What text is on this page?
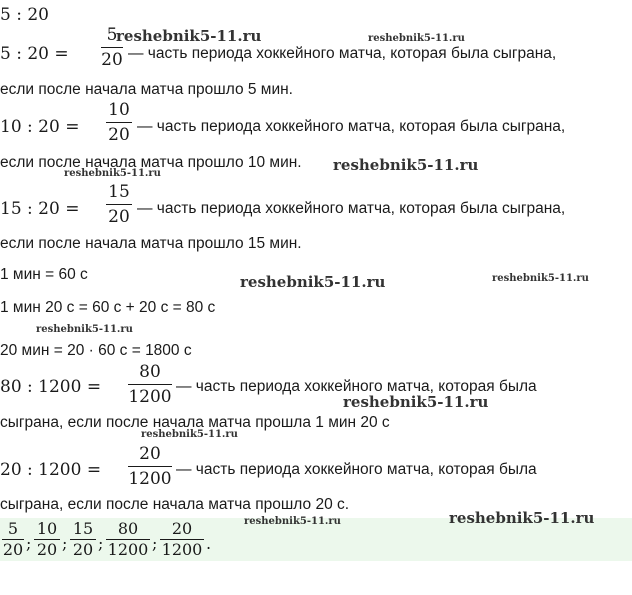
5 : 20
5 : 20 =
5
20 — часть периода хоккейного матча, которая была сыграна,
если после начала матча прошло 5 мин.
10 : 20 =
10
20 — часть периода хоккейного матча, которая была сыграна,
если после начала матча прошло 10 мин.
15 : 20 =
15
20 — часть периода хоккейного матча, которая была сыграна,
если после начала матча прошло 15 мин.
1 мин = 60 с
1 мин 20 с = 60 с + 20 с = 80 с
20 мин = 20 · 60 с = 1800 с
80 : 1200 =
80
1200
— часть периода хоккейного матча, которая была
сыграна, если после начала матча прошла 1 мин 20 с
20 : 1200 =
20
1200 — часть периода хоккейного матча, которая была
сыграна, если после начала матча прошло 20 с.
5
20 ;
10
20 ;
15
20 ;
80
1200 ;
20
1200 .
reshebnik5-11.ru	reshebnik5-11.ru
reshebnik5-11.ru
reshebnik5-11.ru
reshebnik5-11.ru	reshebnik5-11.ru
reshebnik5-11.ru
reshebnik5-11.ru
reshebnik5-11.ru
reshebnik5-11.ru
reshebnik5-11.ru
